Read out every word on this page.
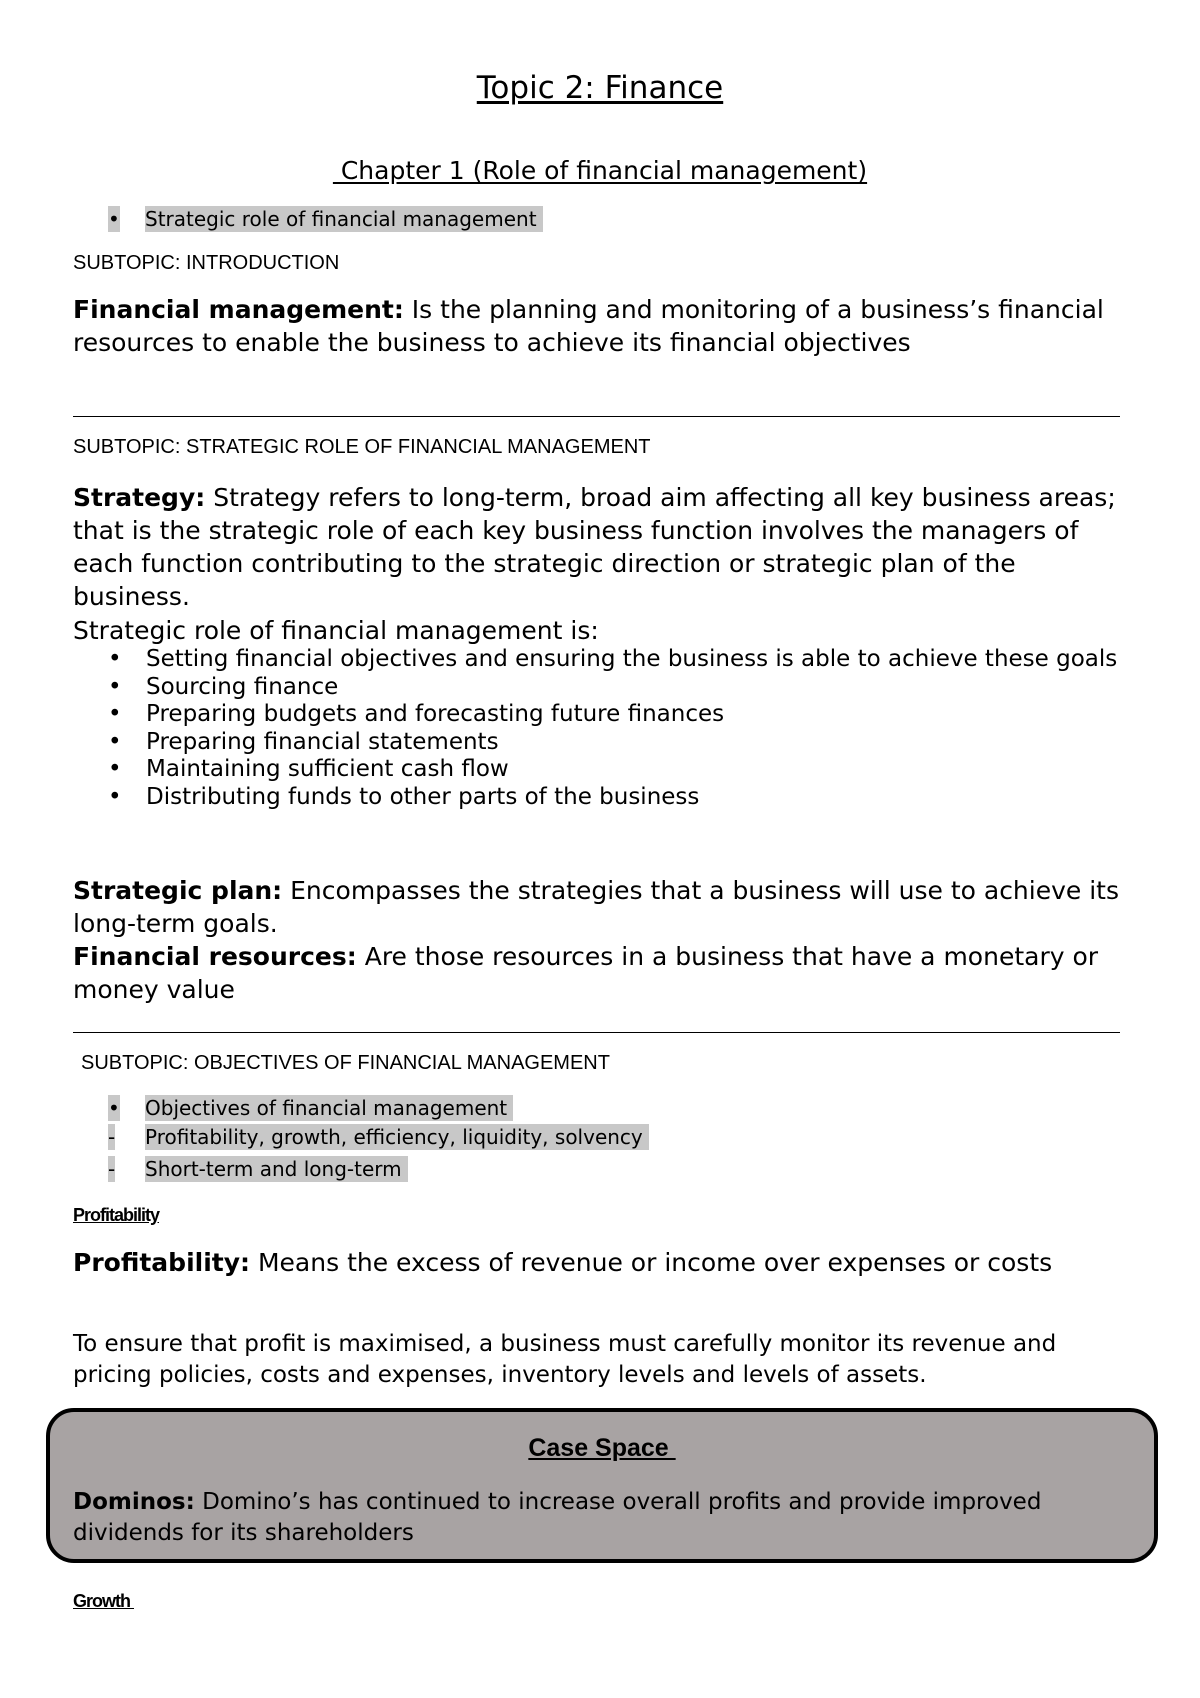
Topic 2: Finance
Chapter 1 (Role of financial management)
• Strategic role of financial management
SUBTOPIC: INTRODUCTION
Financial management: Is the planning and monitoring of a business’s financial resources to enable the business to achieve its financial objectives
SUBTOPIC: STRATEGIC ROLE OF FINANCIAL MANAGEMENT
Strategy: Strategy refers to long-term, broad aim affecting all key business areas; that is the strategic role of each key business function involves the managers of each function contributing to the strategic direction or strategic plan of the business.
Strategic role of financial management is:
• Setting financial objectives and ensuring the business is able to achieve these goals
• Sourcing finance
• Preparing budgets and forecasting future finances
• Preparing financial statements
• Maintaining sufficient cash flow
• Distributing funds to other parts of the business
Strategic plan: Encompasses the strategies that a business will use to achieve its long-term goals.
Financial resources: Are those resources in a business that have a monetary or money value
SUBTOPIC: OBJECTIVES OF FINANCIAL MANAGEMENT
• Objectives of financial management
- Profitability, growth, efficiency, liquidity, solvency
- Short-term and long-term
Profitability
Profitability: Means the excess of revenue or income over expenses or costs
To ensure that profit is maximised, a business must carefully monitor its revenue and pricing policies, costs and expenses, inventory levels and levels of assets.
Case Space
Dominos: Domino’s has continued to increase overall profits and provide improved dividends for its shareholders
Growth
